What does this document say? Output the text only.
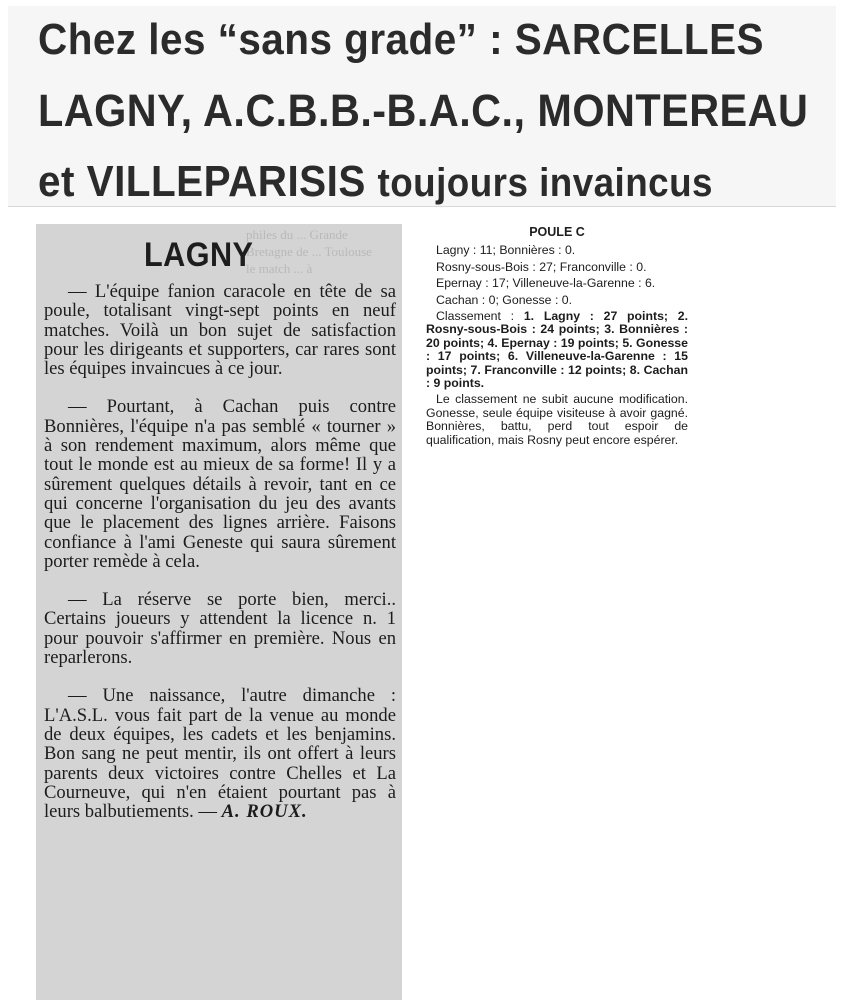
Chez les “sans grade” : SARCELLES
LAGNY, A.C.B.B.-B.A.C., MONTEREAU
et VILLEPARISIS toujours invaincus
philes du ... Grande
Bretagne de ... Toulouse
le match ... à
LAGNY

— L'équipe fanion caracole en tête de sa poule, totalisant vingt-sept points en neuf matches. Voilà un bon sujet de satisfaction pour les dirigeants et supporters, car rares sont les équipes invaincues à ce jour.

— Pourtant, à Cachan puis contre Bonnières, l'équipe n'a pas semblé « tourner » à son rendement maximum, alors même que tout le monde est au mieux de sa forme! Il y a sûrement quelques détails à revoir, tant en ce qui concerne l'organisation du jeu des avants que le placement des lignes arrière. Faisons confiance à l'ami Geneste qui saura sûrement porter remède à cela.

— La réserve se porte bien, merci.. Certains joueurs y attendent la licence n. 1 pour pouvoir s'affirmer en première. Nous en reparlerons.

— Une naissance, l'autre dimanche : L'A.S.L. vous fait part de la venue au monde de deux équipes, les cadets et les benjamins. Bon sang ne peut mentir, ils ont offert à leurs parents deux victoires contre Chelles et La Courneuve, qui n'en étaient pourtant pas à leurs balbutiements. — A. ROUX.

POULE C

Lagny : 11; Bonnières : 0.

Rosny-sous-Bois : 27; Franconville : 0.

Epernay : 17; Villeneuve-la-Garenne : 6.

Cachan : 0; Gonesse : 0.

Classement : 1. Lagny : 27 points; 2. Rosny-sous-Bois : 24 points; 3. Bonnières : 20 points; 4. Epernay : 19 points; 5. Gonesse : 17 points; 6. Villeneuve-la-Garenne : 15 points; 7. Franconville : 12 points; 8. Cachan : 9 points.

Le classement ne subit aucune modification. Gonesse, seule équipe visiteuse à avoir gagné. Bonnières, battu, perd tout espoir de qualification, mais Rosny peut encore espérer.
